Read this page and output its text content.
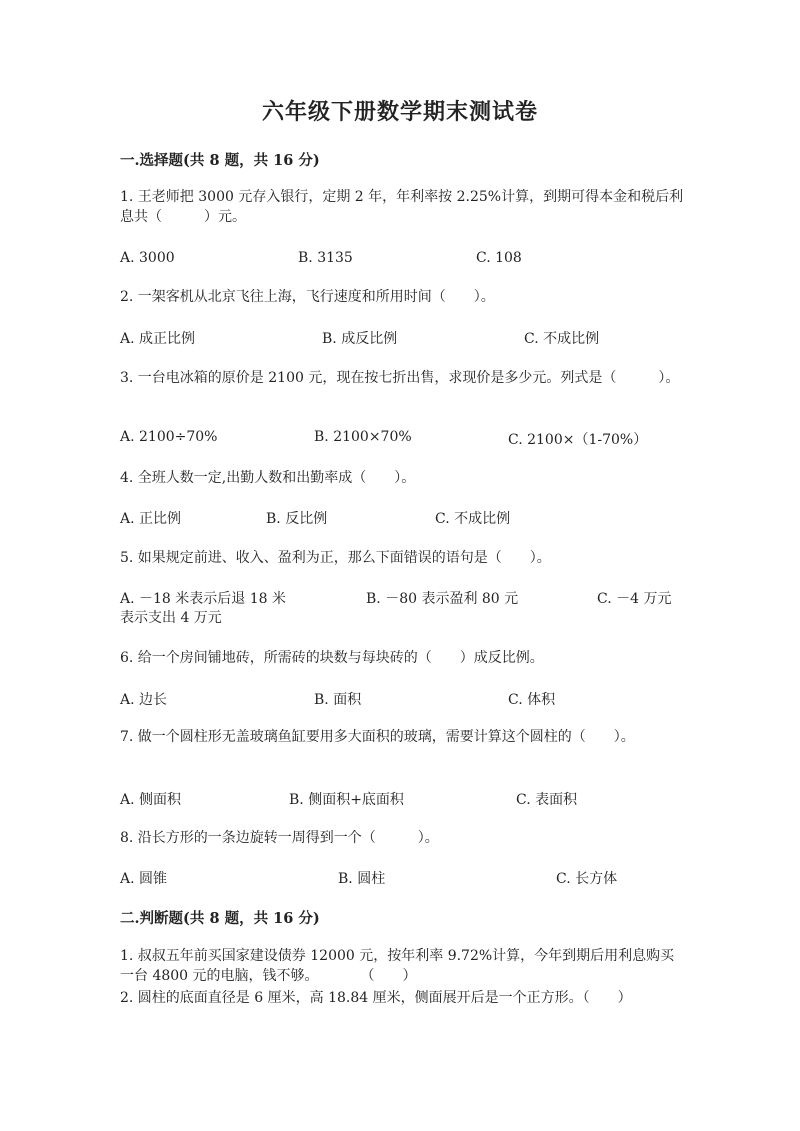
六年级下册数学期末测试卷
一.选择题(共 8 题，共 16 分)
1. 王老师把 3000 元存入银行，定期 2 年，年利率按 2.25%计算，到期可得本金和税后利息共（　　　）元。
A. 3000	B. 3135	C. 108
2. 一架客机从北京飞往上海，飞行速度和所用时间（　　）。
A. 成正比例	B. 成反比例	C. 不成比例
3. 一台电冰箱的原价是 2100 元，现在按七折出售，求现价是多少元。列式是（　　　）。
A. 2100÷70%	B. 2100×70%	C. 2100×（1-70%）
4. 全班人数一定,出勤人数和出勤率成（　　）。
A. 正比例	B. 反比例	C. 不成比例
5. 如果规定前进、收入、盈利为正，那么下面错误的语句是（　　）。
A. －18 米表示后退 18 米	B. －80 表示盈利 80 元	C. －4 万元
表示支出 4 万元
6. 给一个房间铺地砖，所需砖的块数与每块砖的（　　）成反比例。
A. 边长	B. 面积	C. 体积
7. 做一个圆柱形无盖玻璃鱼缸要用多大面积的玻璃，需要计算这个圆柱的（　　）。
A. 侧面积	B. 侧面积+底面积	C. 表面积
8. 沿长方形的一条边旋转一周得到一个（　　　）。
A. 圆锥	B. 圆柱	C. 长方体
二.判断题(共 8 题，共 16 分)
1. 叔叔五年前买国家建设债券 12000 元，按年利率 9.72%计算，今年到期后用利息购买一台 4800 元的电脑，钱不够。　　　　（　　）
2. 圆柱的底面直径是 6 厘米，高 18.84 厘米，侧面展开后是一个正方形。（　　）
